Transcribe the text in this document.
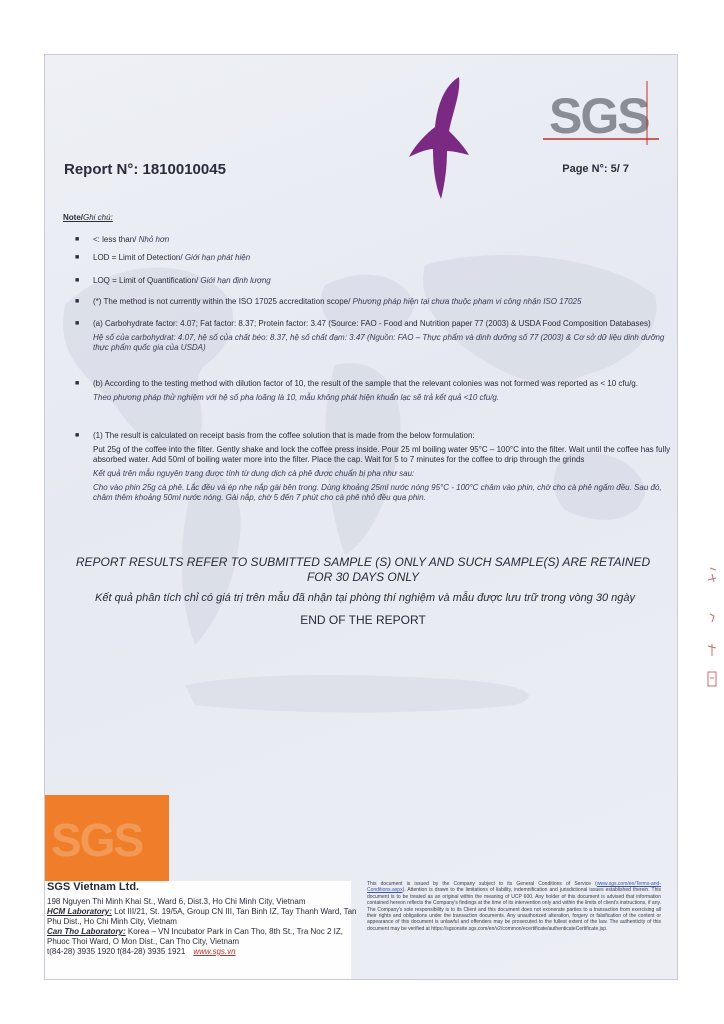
SGS
Report N°: 1810010045	Page N°: 5/ 7
Note/Ghi chú:
■ <: less than/ Nhỏ hơn
■ LOD = Limit of Detection/ Giới hạn phát hiện
■ LOQ = Limit of Quantification/ Giới hạn định lượng
■ (*) The method is not currently within the ISO 17025 accreditation scope/ Phương pháp hiện tại chưa thuộc phạm vi công nhận ISO 17025
■ (a) Carbohydrate factor: 4.07; Fat factor: 8.37; Protein factor: 3.47 (Source: FAO - Food and Nutrition paper 77 (2003) & USDA Food Composition Databases)
Hệ số của carbohydrat: 4.07, hệ số của chất béo: 8.37, hệ số chất đạm: 3.47 (Nguồn: FAO – Thực phẩm và dinh dưỡng số 77 (2003) & Cơ sở dữ liệu dinh dưỡng thực phẩm quốc gia của USDA)
■ (b) According to the testing method with dilution factor of 10, the result of the sample that the relevant colonies was not formed was reported as < 10 cfu/g.
Theo phương pháp thử nghiệm với hệ số pha loãng là 10, mẫu không phát hiện khuẩn lạc sẽ trả kết quả <10 cfu/g.
■ (1) The result is calculated on receipt basis from the coffee solution that is made from the below formulation:
Put 25g of the coffee into the filter. Gently shake and lock the coffee press inside. Pour 25 ml boiling water 95°C – 100°C into the filter. Wait until the coffee has fully absorbed water. Add 50ml of boiling water more into the filter. Place the cap. Wait for 5 to 7 minutes for the coffee to drip through the grinds
Kết quả trên mẫu nguyên trạng được tính từ dung dịch cà phê được chuẩn bị pha như sau:
Cho vào phin 25g cà phê. Lắc đều và ép nhẹ nắp gài bên trong. Dùng khoảng 25ml nước nóng 95°C - 100°C châm vào phin, chờ cho cà phê ngấm đều. Sau đó, châm thêm khoảng 50ml nước nóng. Gài nắp, chờ 5 đến 7 phút cho cà phê nhỏ đều qua phin.
REPORT RESULTS REFER TO SUBMITTED SAMPLE (S) ONLY AND SUCH SAMPLE(S) ARE RETAINED FOR 30 DAYS ONLY
Kết quả phân tích chỉ có giá trị trên mẫu đã nhận tại phòng thí nghiệm và mẫu được lưu trữ trong vòng 30 ngày
END OF THE REPORT
SGS
SGS Vietnam Ltd.
198 Nguyen Thi Minh Khai St., Ward 6, Dist.3, Ho Chi Minh City, Vietnam
HCM Laboratory: Lot III/21, St. 19/5A, Group CN III, Tan Binh IZ, Tay Thanh Ward, Tan Phu Dist., Ho Chi Minh City, Vietnam
Can Tho Laboratory: Korea – VN Incubator Park in Can Tho, 8th St., Tra Noc 2 IZ, Phuoc Thoi Ward, O Mon Dist., Can Tho City, Vietnam
t(84-28) 3935 1920 f(84-28) 3935 1921 www.sgs.vn
This document is issued by the Company subject to its General Conditions of Service (www.sgs.com/en/Terms-and-Conditions.aspx). Attention is drawn to the limitations of liability, indemnification and jurisdictional issues established therein. This document is to be treated as an original within the meaning of UCP 600. Any holder of this document is advised that information contained hereon reflects the Company's findings at the time of its intervention only and within the limits of client's instructions, if any. The Company's sole responsibility is to its Client and this document does not exonerate parties to a transaction from exercising all their rights and obligations under the transaction documents. Any unauthorized alteration, forgery or falsification of the content or appearance of this document is unlawful and offenders may be prosecuted to the fullest extent of the law. The authenticity of this document may be verified at https://sgsonsite.sgs.com/en/v2/common/ecertificate/authenticateCertificate.jsp.
